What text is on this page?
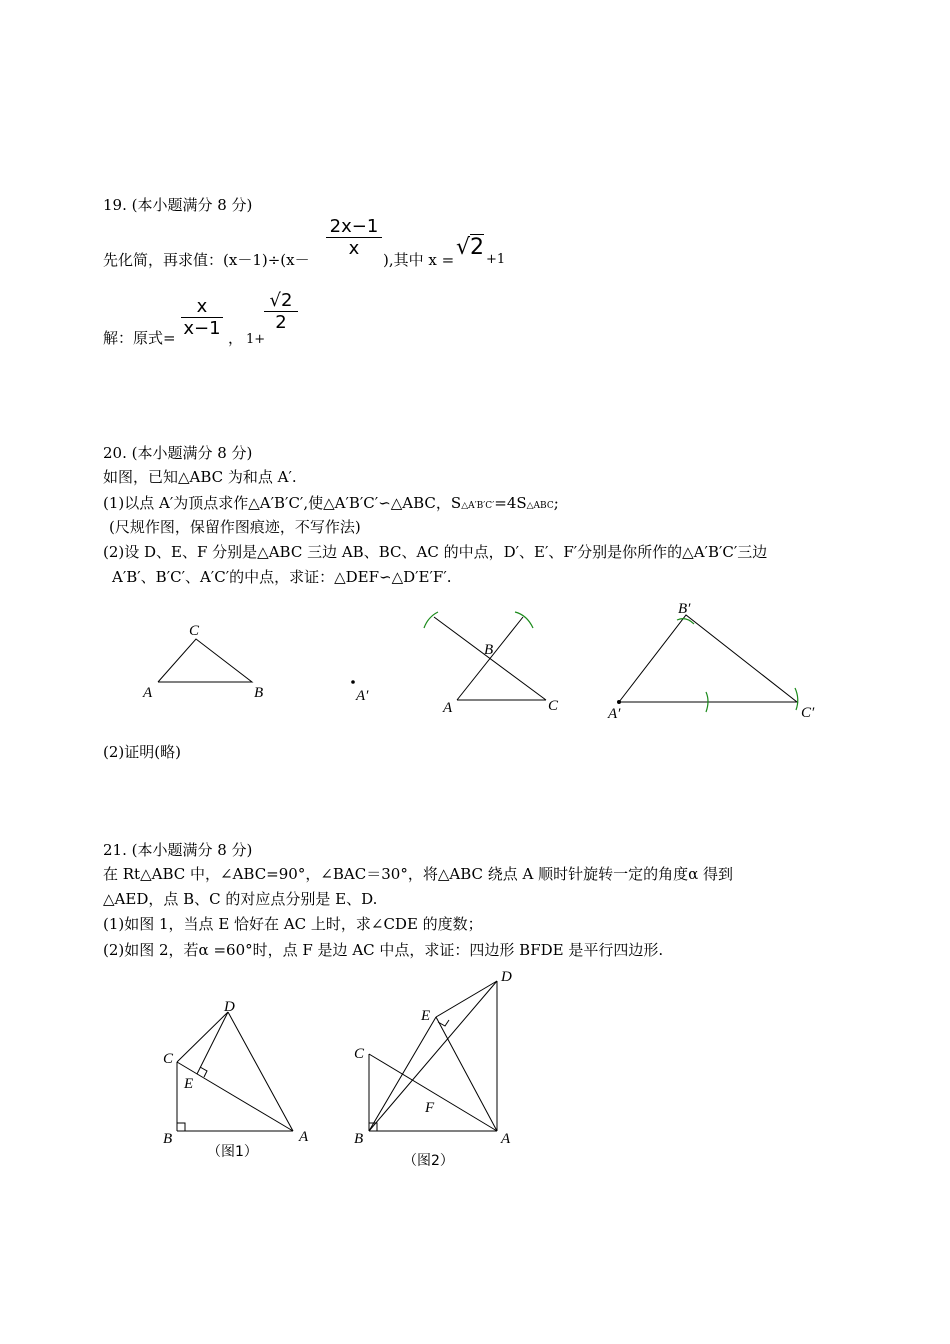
19. (本小题满分 8 分)
先化简，再求值：(x－1)÷(x－
$\frac{2x-1}{x}$
),其中 x = √2 +1
解：原式= $\frac{x}{x-1}$ ， 1+
$\frac{√2}{2}$
20. (本小题满分 8 分)
如图，已知△ABC 为和点 A′.
(1)以点 A′为顶点求作△A′B′C′,使△A′B′C′∽△ABC，S△A′B′C′=4S△ABC;
(尺规作图，保留作图痕迹，不写作法)
(2)设 D、E、F 分别是△ABC 三边 AB、BC、AC 的中点，D′、E′、F′分别是你所作的△A′B′C′三边
A′B′、B′C′、A′C′的中点，求证：△DEF∽△D′E′F′.
C
A	B	A′
B
A	C
B′
A′	C′
(2)证明(略)
21. (本小题满分 8 分)
在 Rt△ABC 中，∠ABC=90°，∠BAC＝30°，将△ABC 绕点 A 顺时针旋转一定的角度α 得到
△AED，点 B、C 的对应点分别是 E、D.
(1)如图 1，当点 E 恰好在 AC 上时，求∠CDE 的度数；
(2)如图 2，若α =60°时，点 F 是边 AC 中点，求证：四边形 BFDE 是平行四边形.
D
C
E
B	A
（图1）
D
E
C
F
B	A
（图2）
